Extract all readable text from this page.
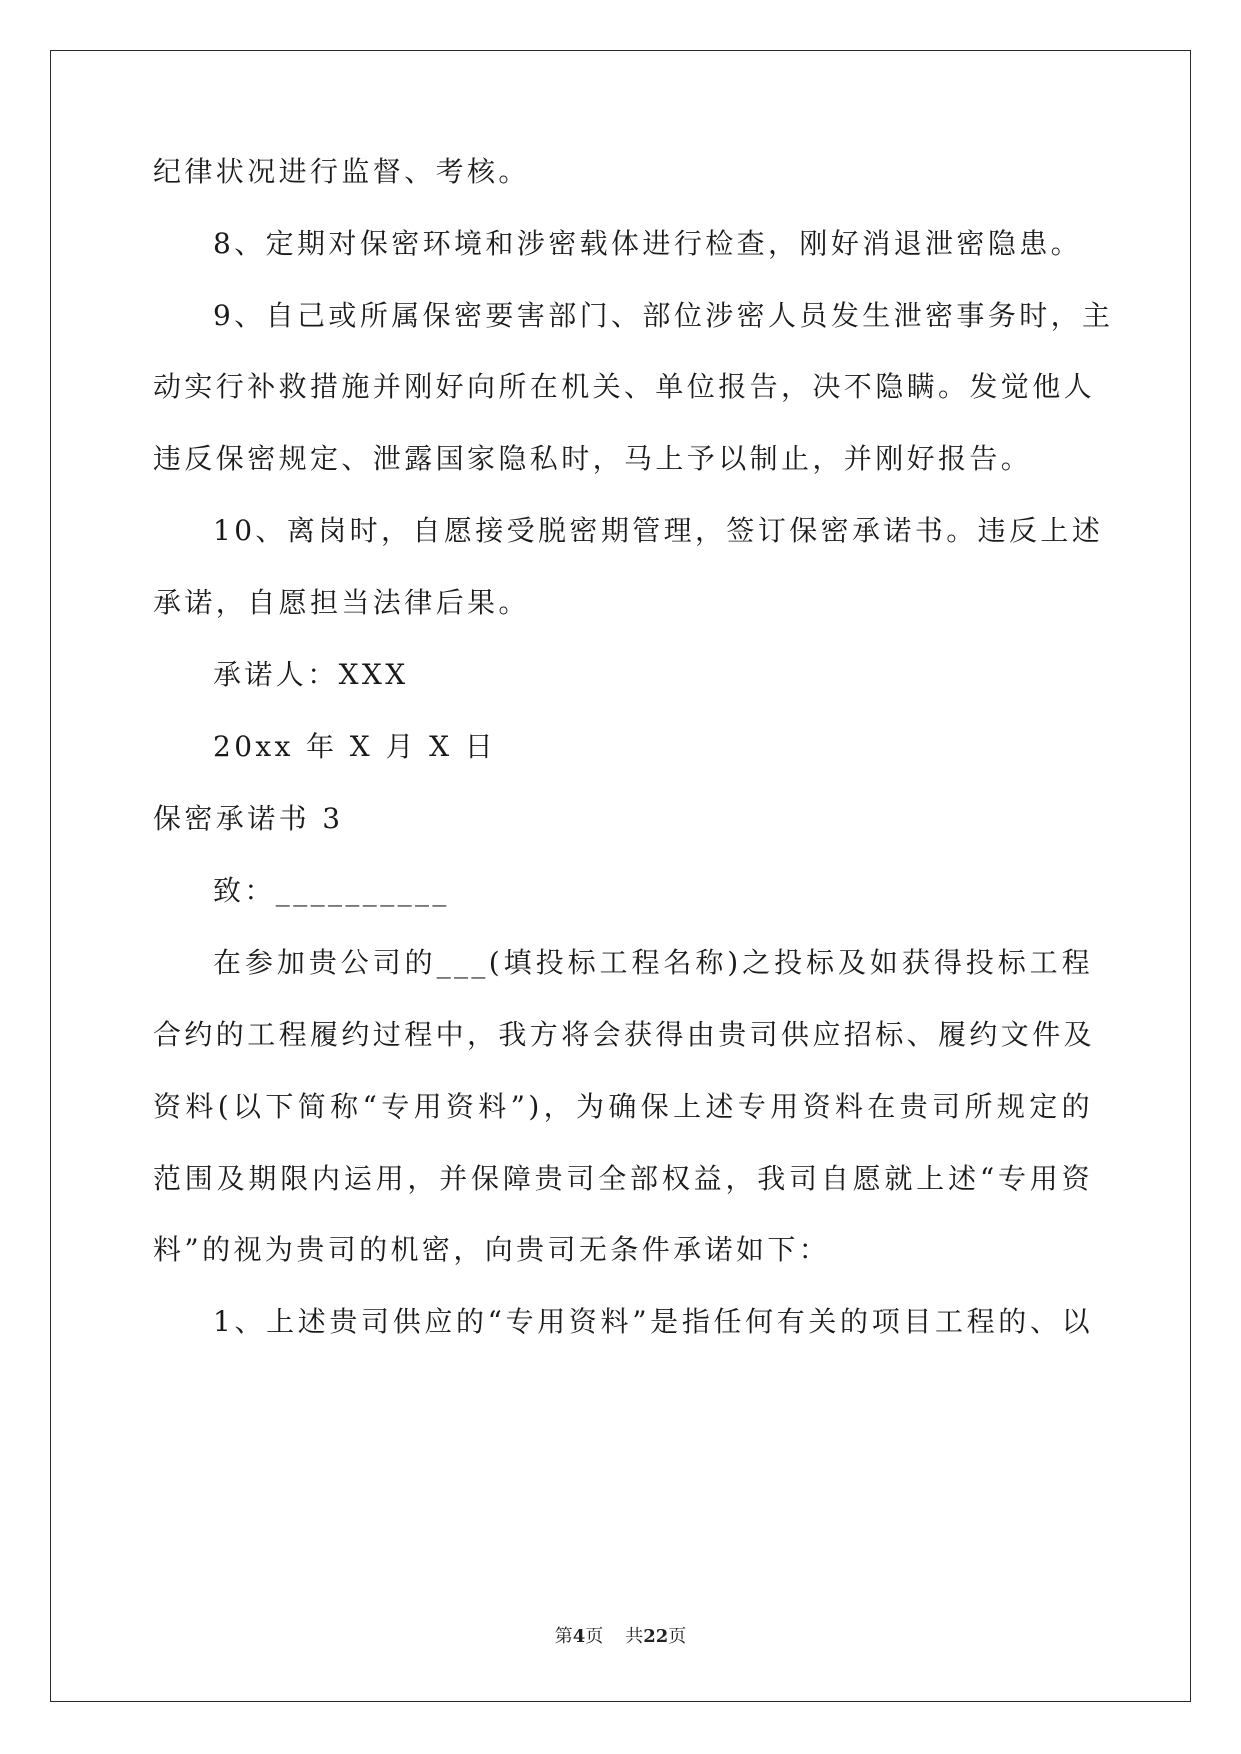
纪律状况进行监督、考核。
8、定期对保密环境和涉密载体进行检查，刚好消退泄密隐患。
9、自己或所属保密要害部门、部位涉密人员发生泄密事务时，主
动实行补救措施并刚好向所在机关、单位报告，决不隐瞒。发觉他人
违反保密规定、泄露国家隐私时，马上予以制止，并刚好报告。
10、离岗时，自愿接受脱密期管理，签订保密承诺书。违反上述
承诺，自愿担当法律后果。
承诺人：XXX
20xx 年 X 月 X 日
保密承诺书 3
致：__________
在参加贵公司的___(填投标工程名称)之投标及如获得投标工程
合约的工程履约过程中，我方将会获得由贵司供应招标、履约文件及
资料(以下简称“专用资料”)，为确保上述专用资料在贵司所规定的
范围及期限内运用，并保障贵司全部权益，我司自愿就上述“专用资
料”的视为贵司的机密，向贵司无条件承诺如下：
1、上述贵司供应的“专用资料”是指任何有关的项目工程的、以
第4页 共22页
